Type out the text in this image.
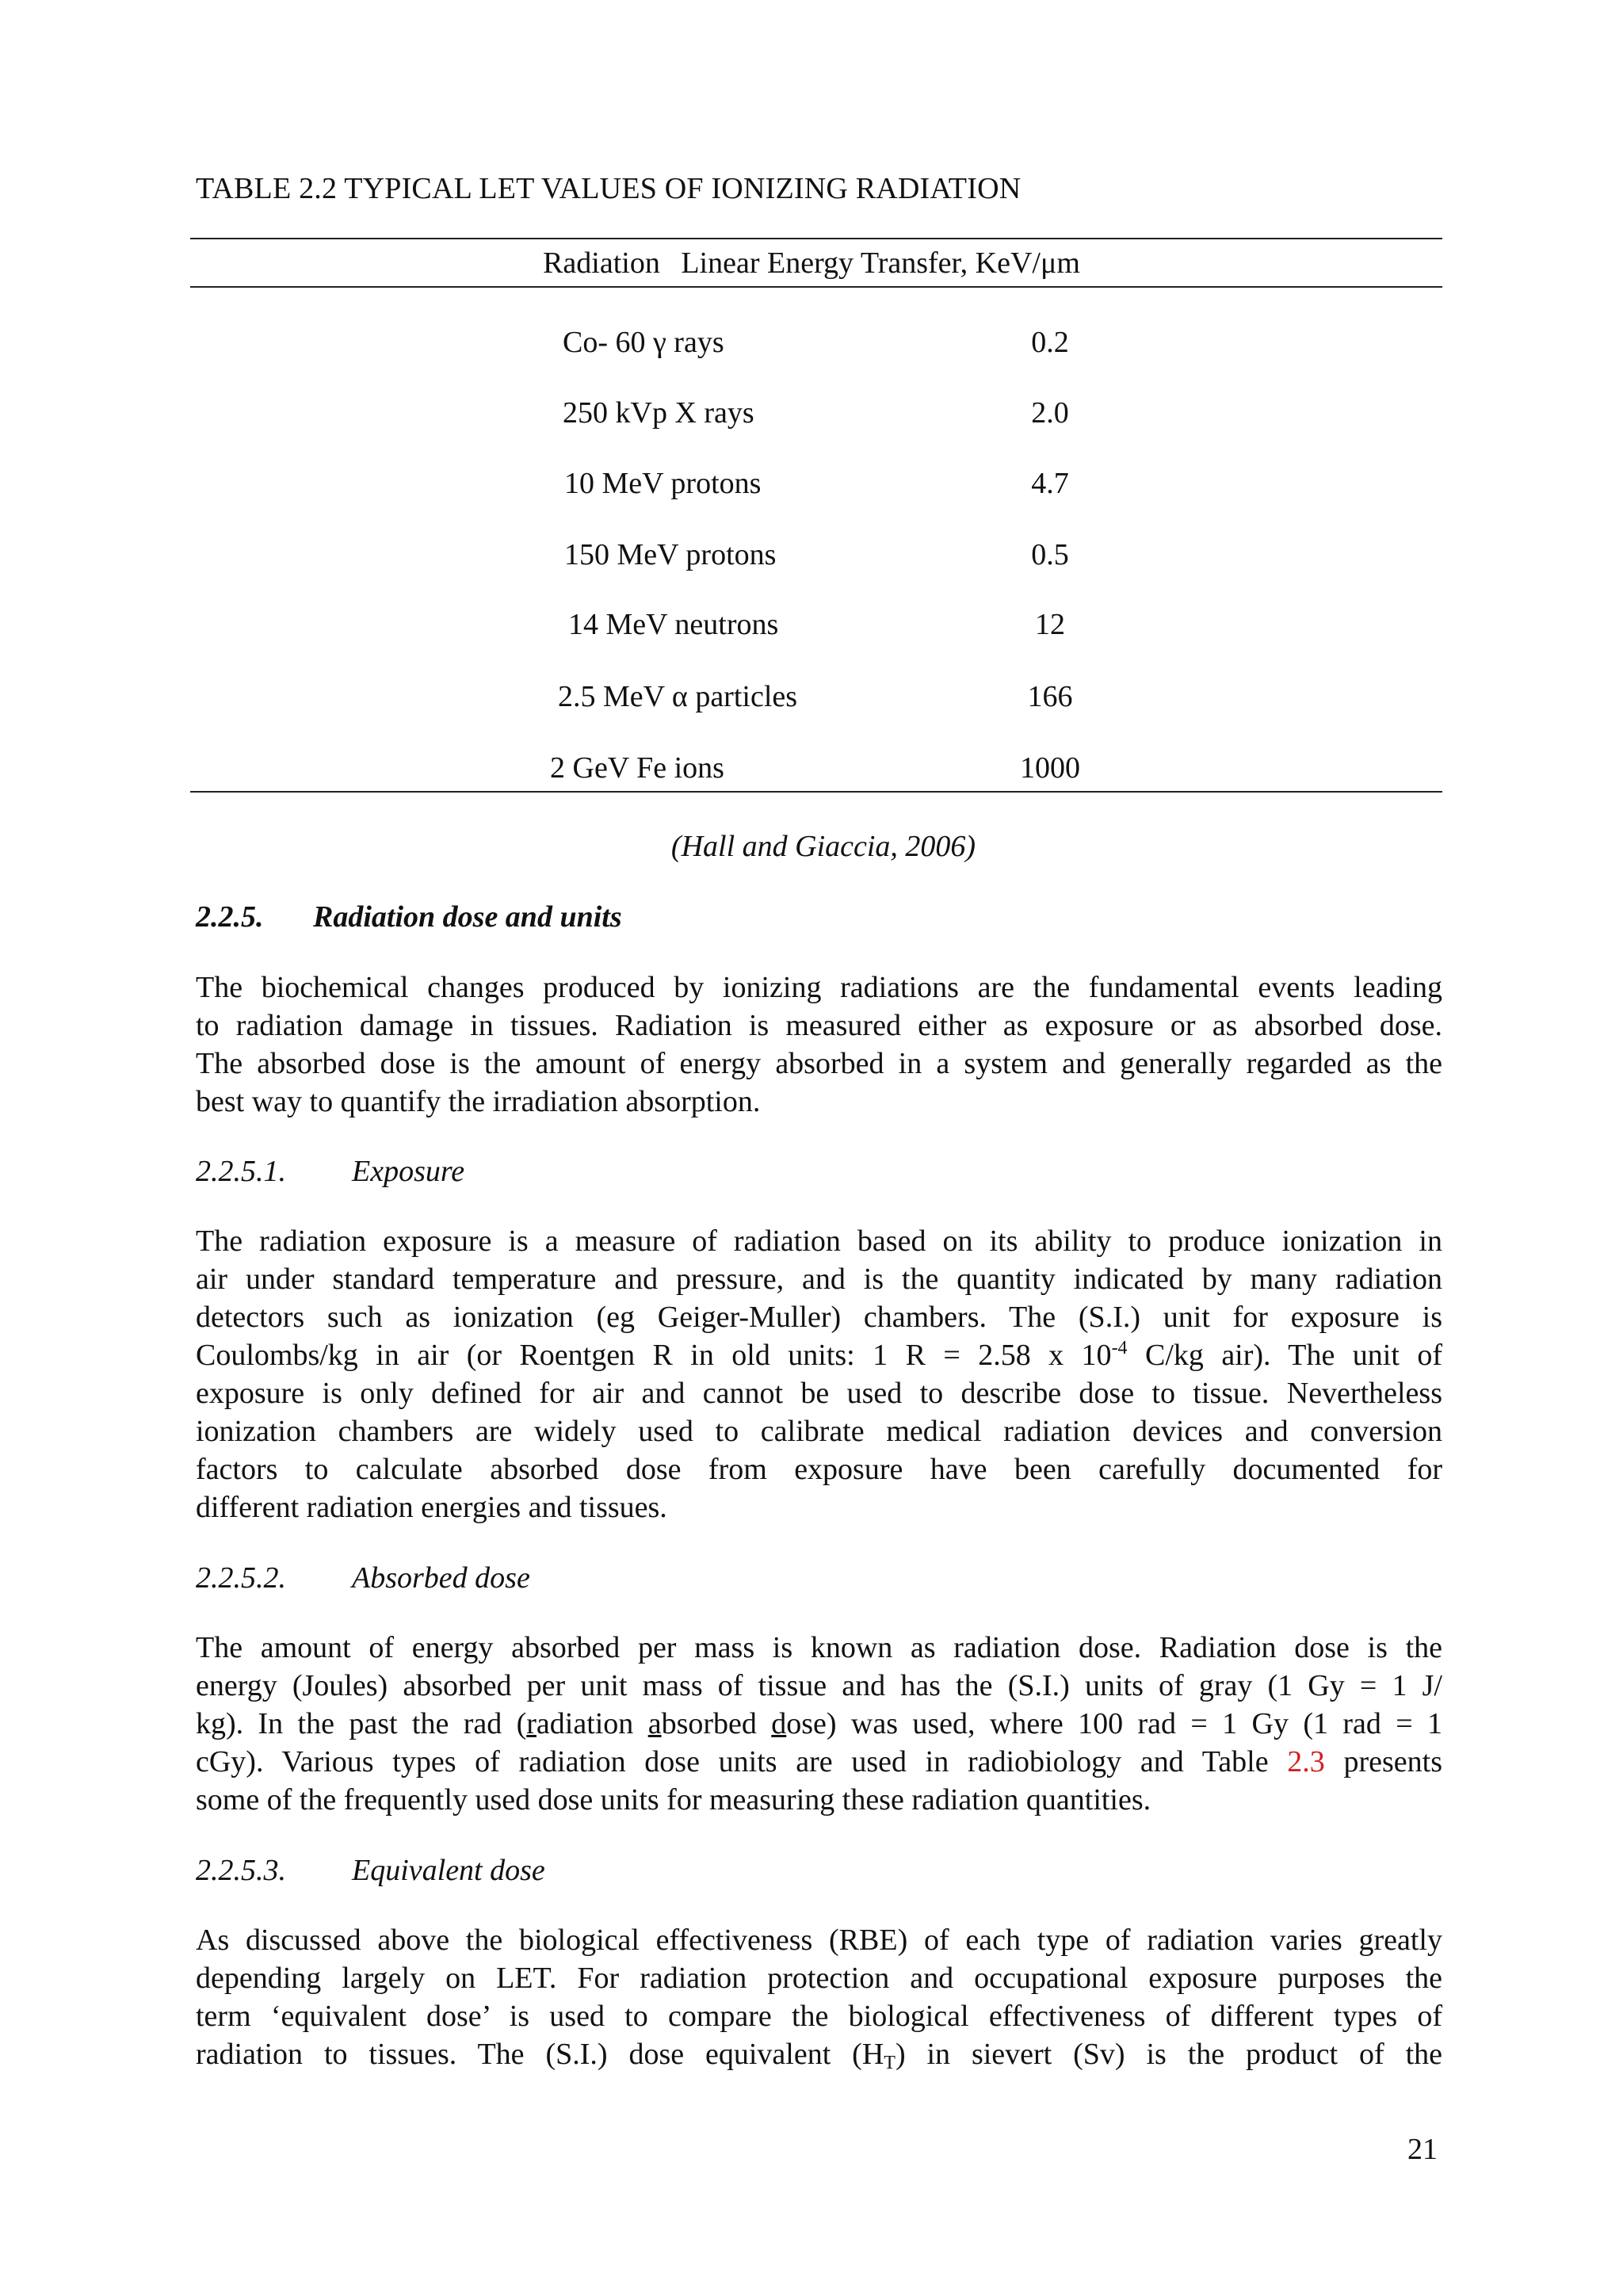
TABLE 2.2 TYPICAL LET VALUES OF IONIZING RADIATION
Radiation Linear Energy Transfer, KeV/μm
Co- 60 γ rays	0.2
250 kVp X rays	2.0
10 MeV protons	4.7
150 MeV protons	0.5
14 MeV neutrons	12
2.5 MeV α particles	166
2 GeV Fe ions	1000
(Hall and Giaccia, 2006)
2.2.5. Radiation dose and units
The biochemical changes produced by ionizing radiations are the fundamental events leading
to radiation damage in tissues. Radiation is measured either as exposure or as absorbed dose.
The absorbed dose is the amount of energy absorbed in a system and generally regarded as the
best way to quantify the irradiation absorption.
2.2.5.1. Exposure
The radiation exposure is a measure of radiation based on its ability to produce ionization in
air under standard temperature and pressure, and is the quantity indicated by many radiation
detectors such as ionization (eg Geiger-Muller) chambers. The (S.I.) unit for exposure is
Coulombs/kg in air (or Roentgen R in old units: 1 R = 2.58 x $10^{-4}$ C/kg air). The unit of
exposure is only defined for air and cannot be used to describe dose to tissue. Nevertheless
ionization chambers are widely used to calibrate medical radiation devices and conversion
factors to calculate absorbed dose from exposure have been carefully documented for
different radiation energies and tissues.
2.2.5.2. Absorbed dose
The amount of energy absorbed per mass is known as radiation dose. Radiation dose is the
energy (Joules) absorbed per unit mass of tissue and has the (S.I.) units of gray (1 Gy = 1 J/
kg). In the past the rad (radiation absorbed dose) was used, where 100 rad = 1 Gy (1 rad = 1
cGy). Various types of radiation dose units are used in radiobiology and Table 2.3 presents
some of the frequently used dose units for measuring these radiation quantities.
2.2.5.3. Equivalent dose
As discussed above the biological effectiveness (RBE) of each type of radiation varies greatly
depending largely on LET. For radiation protection and occupational exposure purposes the
term ‘equivalent dose’ is used to compare the biological effectiveness of different types of
radiation to tissues. The (S.I.) dose equivalent $(H_T)$ in sievert (Sv) is the product of the
21
